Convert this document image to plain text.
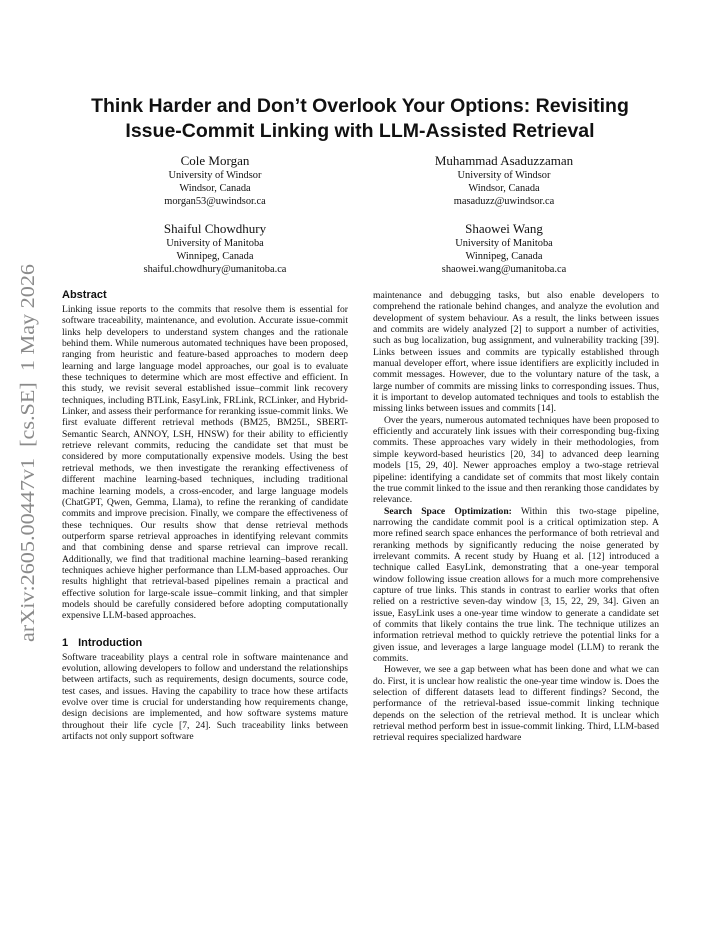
arXiv:2605.00447v1  [cs.SE]  1 May 2026
Think Harder and Don’t Overlook Your Options: Revisiting
Issue-Commit Linking with LLM-Assisted Retrieval
Cole Morgan
University of Windsor
Windsor, Canada
morgan53@uwindsor.ca
Muhammad Asaduzzaman
University of Windsor
Windsor, Canada
masaduzz@uwindsor.ca
Shaiful Chowdhury
University of Manitoba
Winnipeg, Canada
shaiful.chowdhury@umanitoba.ca
Shaowei Wang
University of Manitoba
Winnipeg, Canada
shaowei.wang@umanitoba.ca
Abstract

Linking issue reports to the commits that resolve them is essential for software traceability, maintenance, and evolution. Accurate issue-commit links help developers to understand system changes and the rationale behind them. While numerous automated techniques have been proposed, ranging from heuristic and feature-based approaches to modern deep learning and large language model approaches, our goal is to evaluate these techniques to determine which are most effective and efficient. In this study, we revisit several established issue–commit link recovery techniques, including BTLink, EasyLink, FRLink, RCLinker, and Hybrid-Linker, and assess their performance for reranking issue-commit links. We first evaluate different retrieval methods (BM25, BM25L, SBERT-Semantic Search, ANNOY, LSH, HNSW) for their ability to efficiently retrieve relevant commits, reducing the candidate set that must be considered by more computationally expensive models. Using the best retrieval methods, we then investigate the reranking effectiveness of different machine learning-based techniques, including traditional machine learning models, a cross-encoder, and large language models (ChatGPT, Qwen, Gemma, Llama), to refine the reranking of candidate commits and improve precision. Finally, we compare the effectiveness of these techniques. Our results show that dense retrieval methods outperform sparse retrieval approaches in identifying relevant commits and that combining dense and sparse retrieval can improve recall. Additionally, we find that traditional machine learning–based reranking techniques achieve higher performance than LLM-based approaches. Our results highlight that retrieval-based pipelines remain a practical and effective solution for large-scale issue–commit linking, and that simpler models should be carefully considered before adopting computationally expensive LLM-based approaches.

1 Introduction

Software traceability plays a central role in software maintenance and evolution, allowing developers to follow and understand the relationships between artifacts, such as requirements, design documents, source code, test cases, and issues. Having the capability to trace how these artifacts evolve over time is crucial for understanding how requirements change, design decisions are implemented, and how software systems mature throughout their life cycle [7, 24]. Such traceability links between artifacts not only support software

maintenance and debugging tasks, but also enable developers to comprehend the rationale behind changes, and analyze the evolution and development of system behaviour. As a result, the links between issues and commits are widely analyzed [2] to support a number of activities, such as bug localization, bug assignment, and vulnerability tracking [39]. Links between issues and commits are typically established through manual developer effort, where issue identifiers are explicitly included in commit messages. However, due to the voluntary nature of the task, a large number of commits are missing links to corresponding issues. Thus, it is important to develop automated techniques and tools to establish the missing links between issues and commits [14].

Over the years, numerous automated techniques have been proposed to efficiently and accurately link issues with their corresponding bug-fixing commits. These approaches vary widely in their methodologies, from simple keyword-based heuristics [20, 34] to advanced deep learning models [15, 29, 40]. Newer approaches employ a two-stage retrieval pipeline: identifying a candidate set of commits that most likely contain the true commit linked to the issue and then reranking those candidates by relevance.

Search Space Optimization: Within this two-stage pipeline, narrowing the candidate commit pool is a critical optimization step. A more refined search space enhances the performance of both retrieval and reranking methods by significantly reducing the noise generated by irrelevant commits. A recent study by Huang et al. [12] introduced a technique called EasyLink, demonstrating that a one-year temporal window following issue creation allows for a much more comprehensive capture of true links. This stands in contrast to earlier works that often relied on a restrictive seven-day window [3, 15, 22, 29, 34]. Given an issue, EasyLink uses a one-year time window to generate a candidate set of commits that likely contains the true link. The technique utilizes an information retrieval method to quickly retrieve the potential links for a given issue, and leverages a large language model (LLM) to rerank the commits.

However, we see a gap between what has been done and what we can do. First, it is unclear how realistic the one-year time window is. Does the selection of different datasets lead to different findings? Second, the performance of the retrieval-based issue-commit linking technique depends on the selection of the retrieval method. It is unclear which retrieval method perform best in issue-commit linking. Third, LLM-based retrieval requires specialized hardware
